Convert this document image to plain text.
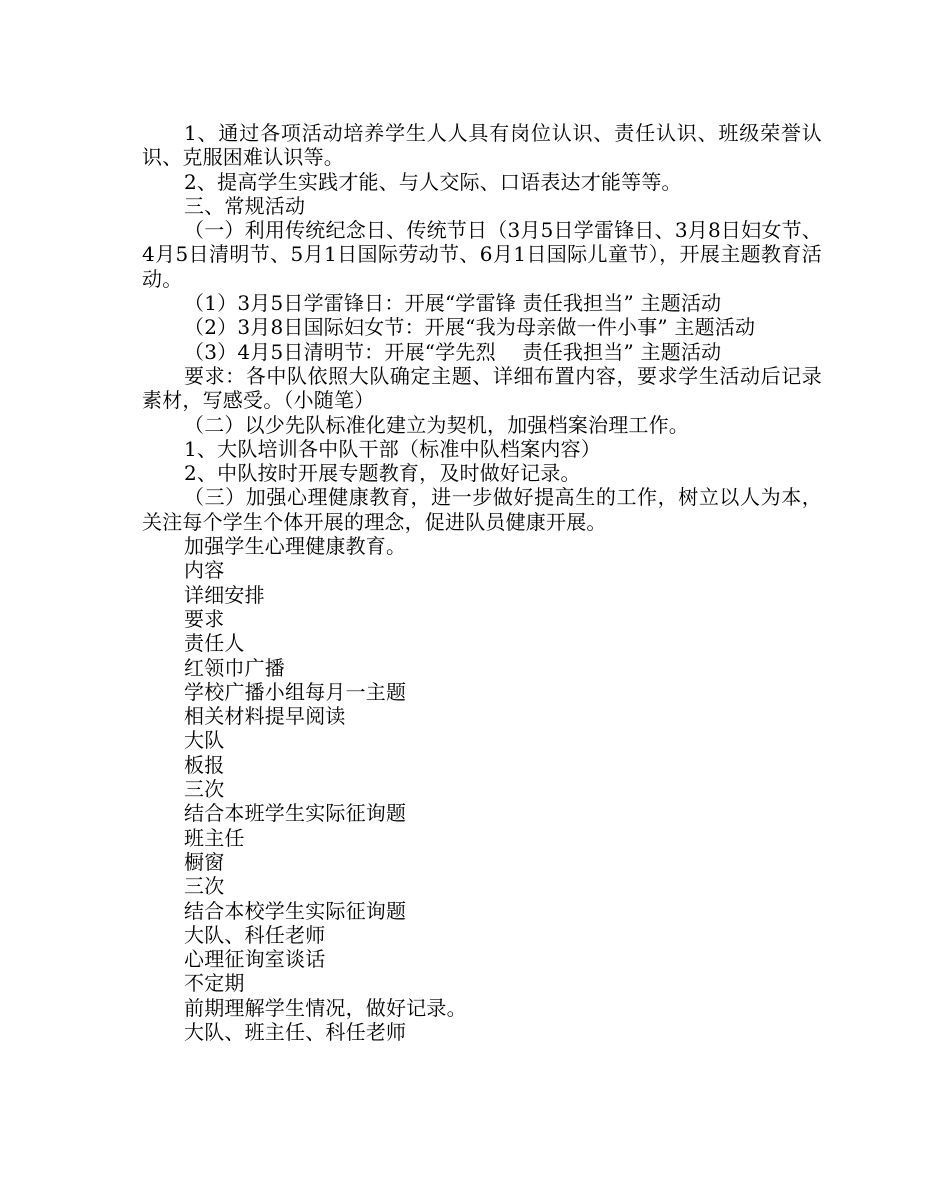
1、通过各项活动培养学生人人具有岗位认识、责任认识、班级荣誉认识、克服困难认识等。

2、提高学生实践才能、与人交际、口语表达才能等等。

三、常规活动

（一）利用传统纪念日、传统节日（3月5日学雷锋日、3月8日妇女节、4月5日清明节、5月1日国际劳动节、6月1日国际儿童节），开展主题教育活动。

（1）3月5日学雷锋日：开展“学雷锋 责任我担当” 主题活动

（2）3月8日国际妇女节：开展“我为母亲做一件小事” 主题活动

（3）4月5日清明节：开展“学先烈　 责任我担当” 主题活动

要求：各中队依照大队确定主题、详细布置内容，要求学生活动后记录素材，写感受。（小随笔）

（二）以少先队标准化建立为契机，加强档案治理工作。

1、大队培训各中队干部（标准中队档案内容）

2、中队按时开展专题教育，及时做好记录。

（三）加强心理健康教育，进一步做好提高生的工作，树立以人为本，关注每个学生个体开展的理念，促进队员健康开展。

加强学生心理健康教育。

内容

详细安排

要求

责任人

红领巾广播

学校广播小组每月一主题

相关材料提早阅读

大队

板报

三次

结合本班学生实际征询题

班主任

橱窗

三次

结合本校学生实际征询题

大队、科任老师

心理征询室谈话

不定期

前期理解学生情况，做好记录。

大队、班主任、科任老师
